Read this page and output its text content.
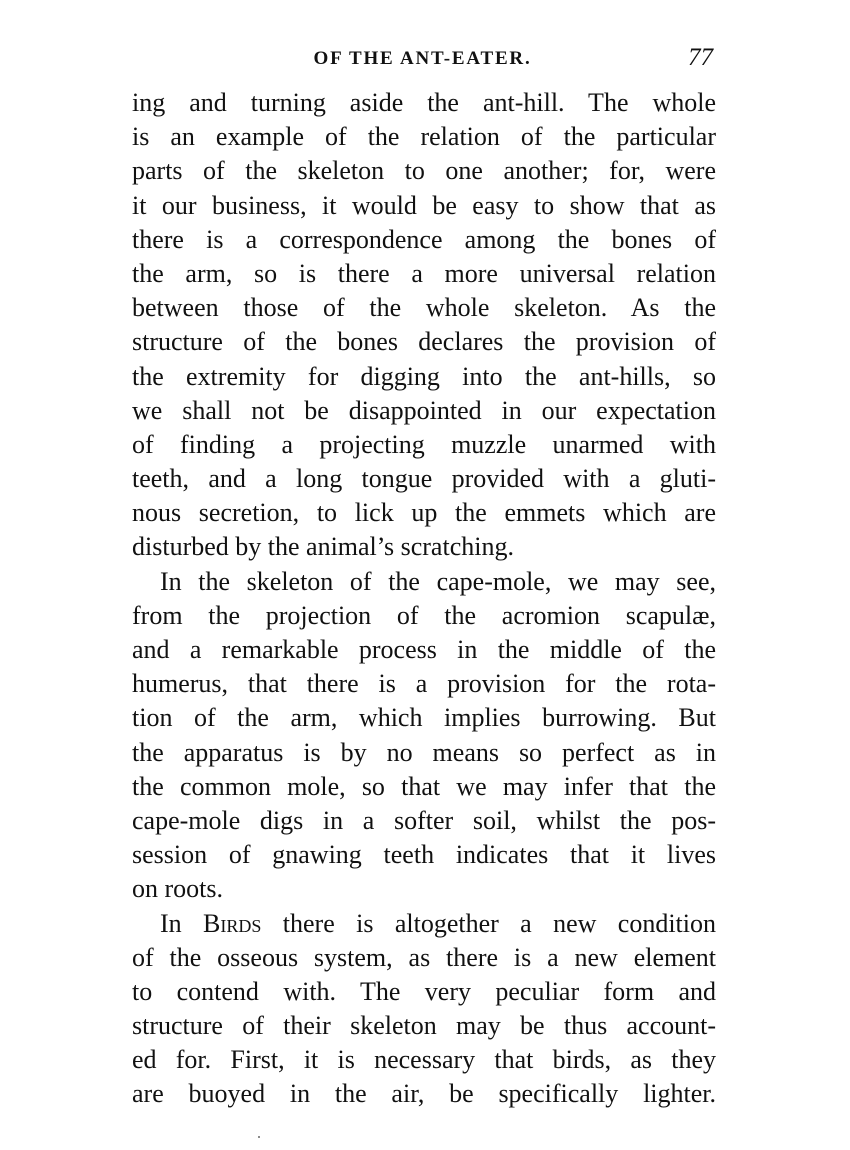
OF THE ANT-EATER.	77
ing and turning aside the ant-hill. The whole
is an example of the relation of the particular
parts of the skeleton to one another; for, were
it our business, it would be easy to show that as
there is a correspondence among the bones of
the arm, so is there a more universal relation
between those of the whole skeleton. As the
structure of the bones declares the provision of
the extremity for digging into the ant-hills, so
we shall not be disappointed in our expectation
of finding a projecting muzzle unarmed with
teeth, and a long tongue provided with a gluti-
nous secretion, to lick up the emmets which are
disturbed by the animal’s scratching.
In the skeleton of the cape-mole, we may see,
from the projection of the acromion scapulæ,
and a remarkable process in the middle of the
humerus, that there is a provision for the rota-
tion of the arm, which implies burrowing. But
the apparatus is by no means so perfect as in
the common mole, so that we may infer that the
cape-mole digs in a softer soil, whilst the pos-
session of gnawing teeth indicates that it lives
on roots.
In Birds there is altogether a new condition
of the osseous system, as there is a new element
to contend with. The very peculiar form and
structure of their skeleton may be thus account-
ed for. First, it is necessary that birds, as they
are buoyed in the air, be specifically lighter.
